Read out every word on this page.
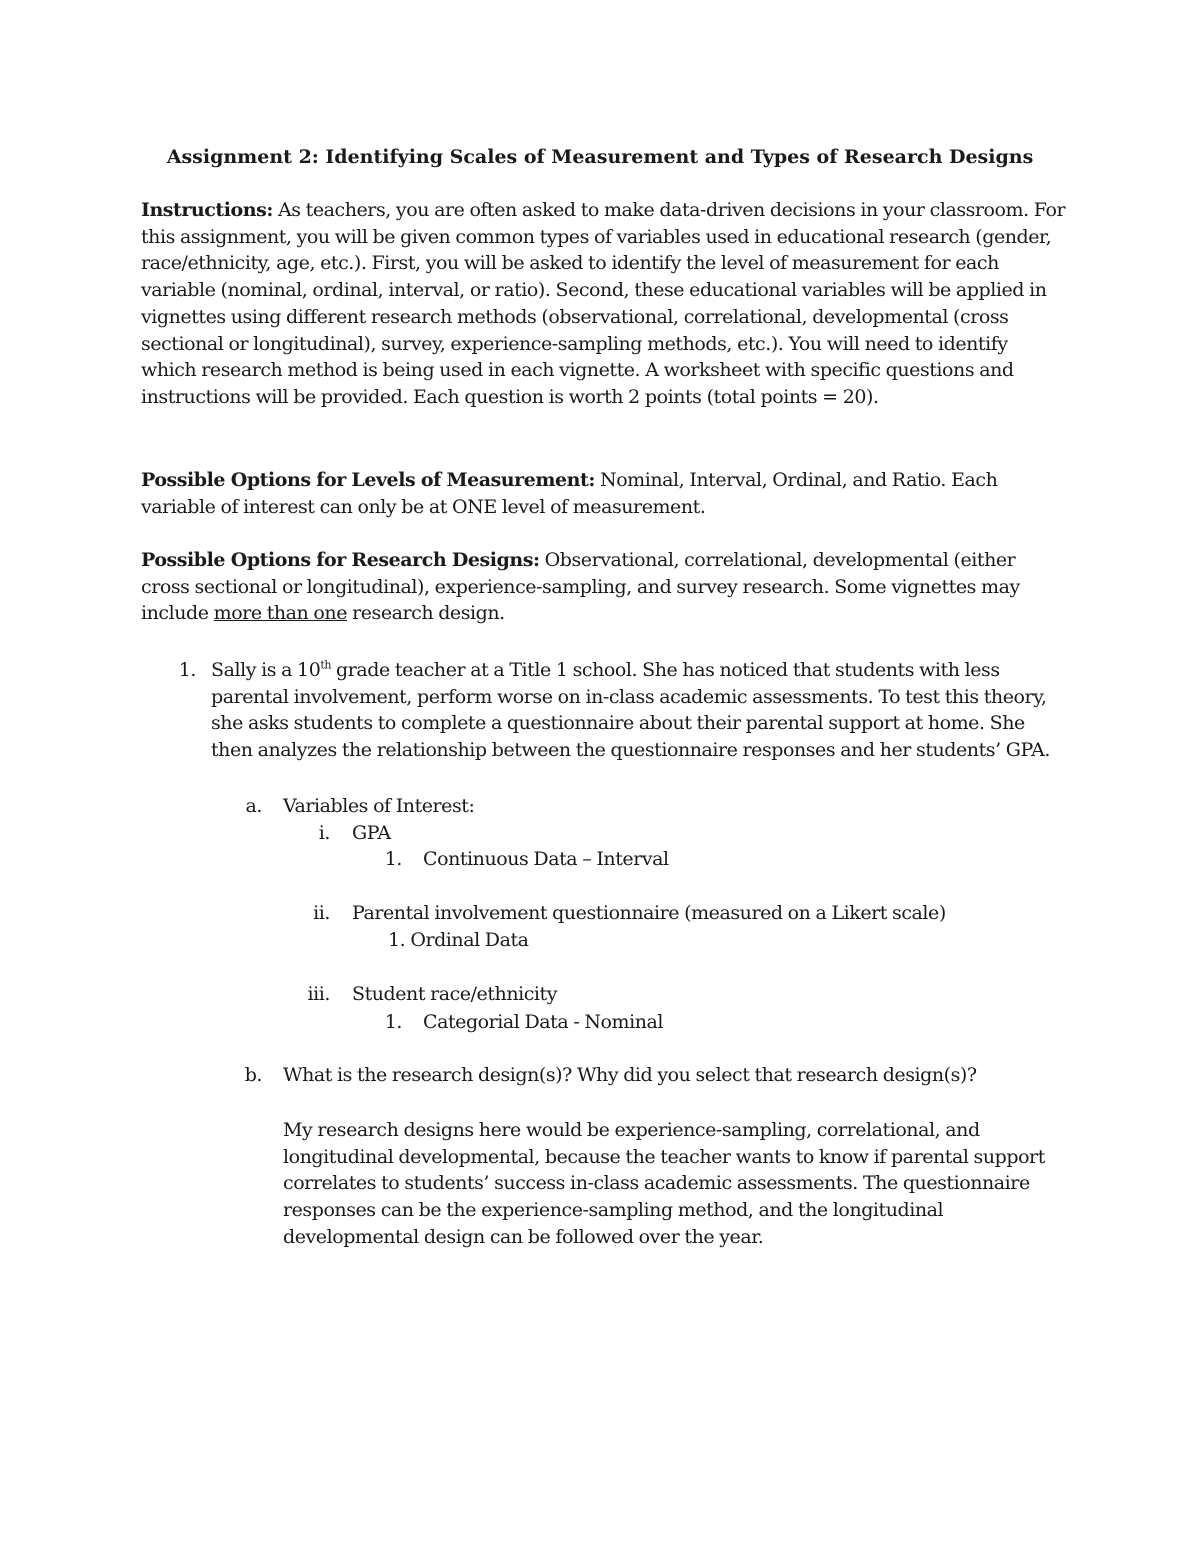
Assignment 2: Identifying Scales of Measurement and Types of Research Designs
Instructions: As teachers, you are often asked to make data-driven decisions in your classroom. For this assignment, you will be given common types of variables used in educational research (gender, race/ethnicity, age, etc.). First, you will be asked to identify the level of measurement for each variable (nominal, ordinal, interval, or ratio). Second, these educational variables will be applied in vignettes using different research methods (observational, correlational, developmental (cross sectional or longitudinal), survey, experience-sampling methods, etc.). You will need to identify which research method is being used in each vignette. A worksheet with specific questions and instructions will be provided. Each question is worth 2 points (total points = 20).
Possible Options for Levels of Measurement: Nominal, Interval, Ordinal, and Ratio. Each variable of interest can only be at ONE level of measurement.
Possible Options for Research Designs: Observational, correlational, developmental (either cross sectional or longitudinal), experience-sampling, and survey research. Some vignettes may include more than one research design.
1. Sally is a 10th grade teacher at a Title 1 school. She has noticed that students with less parental involvement, perform worse on in-class academic assessments. To test this theory, she asks students to complete a questionnaire about their parental support at home. She then analyzes the relationship between the questionnaire responses and her students’ GPA.
a. Variables of Interest:
i. GPA
1. Continuous Data – Interval
ii. Parental involvement questionnaire (measured on a Likert scale)
1. Ordinal Data
iii. Student race/ethnicity
1. Categorial Data - Nominal
b. What is the research design(s)? Why did you select that research design(s)?
My research designs here would be experience-sampling, correlational, and longitudinal developmental, because the teacher wants to know if parental support correlates to students’ success in-class academic assessments. The questionnaire responses can be the experience-sampling method, and the longitudinal developmental design can be followed over the year.
